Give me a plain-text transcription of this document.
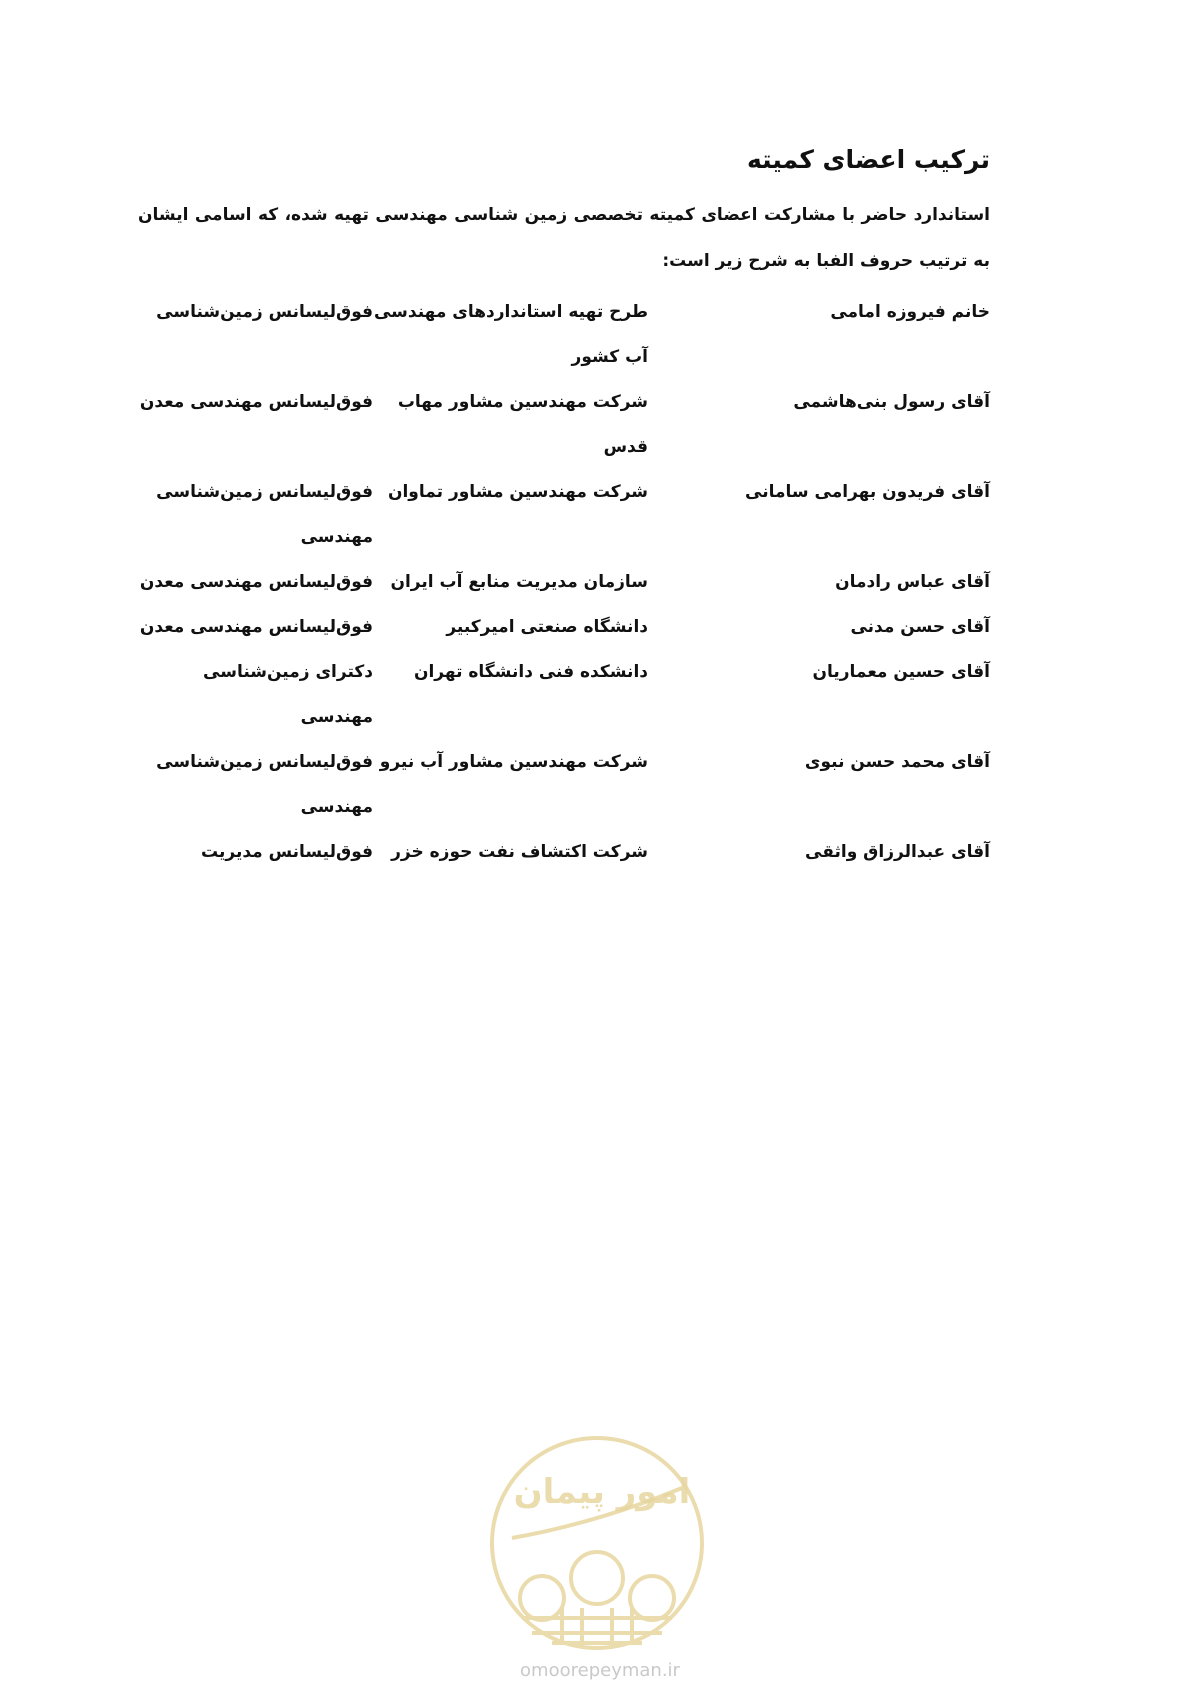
ترکیب اعضای کمیته
استاندارد حاضر با مشارکت اعضای کمیته تخصصی زمین شناسی مهندسی تهیه شده، که اسامی ایشان به ترتیب حروف الفبا به شرح زیر است:
خانم فیروزه امامی
طرح تهیه استانداردهای مهندسی آب کشور
فوق‌لیسانس زمین‌شناسی
آقای رسول بنی‌هاشمی
شرکت مهندسین مشاور مهاب قدس
فوق‌لیسانس مهندسی معدن
آقای فریدون بهرامی سامانی
شرکت مهندسین مشاور تماوان
فوق‌لیسانس زمین‌شناسی مهندسی
آقای عباس رادمان
سازمان مدیریت منابع آب ایران
فوق‌لیسانس مهندسی معدن
آقای حسن مدنی
دانشگاه صنعتی امیرکبیر
فوق‌لیسانس مهندسی معدن
آقای حسین معماریان
دانشکده فنی دانشگاه تهران
دکترای زمین‌شناسی مهندسی
آقای محمد حسن نبوی
شرکت مهندسین مشاور آب نیرو
فوق‌لیسانس زمین‌شناسی مهندسی
آقای عبدالرزاق واثقی
شرکت اکتشاف نفت حوزه خزر
فوق‌لیسانس مدیریت
امور پیمان
omoorepeyman.ir
